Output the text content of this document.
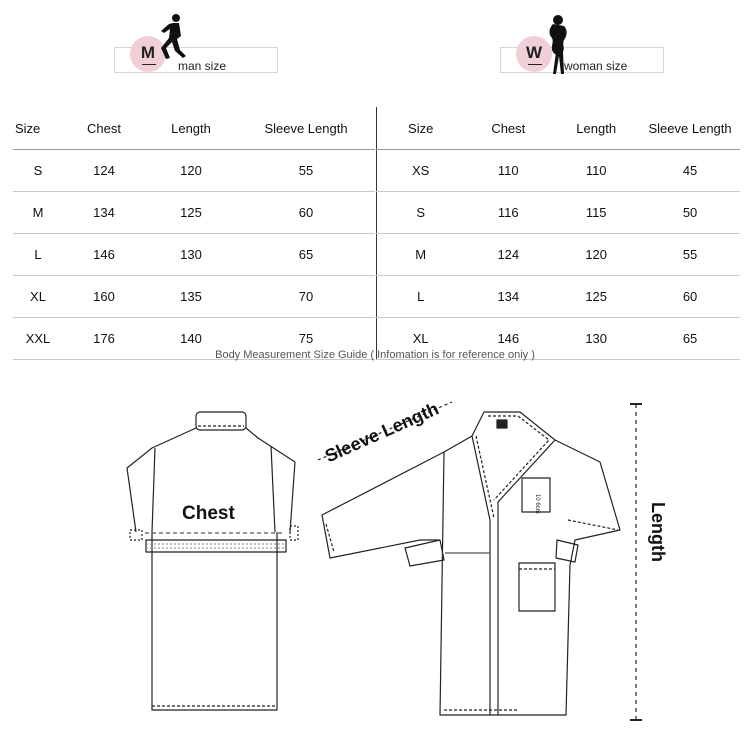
M
man size
W
woman size
Size	Chest	Length	Sleeve Length
S	124	120	55
M	134	125	60
L	146	130	65
XL	160	135	70
XXL	176	140	75
Size	Chest	Length	Sleeve Length
XS	110	110	45
S	116	115	50
M	124	120	55
L	134	125	60
XL	146	130	65
Body Measurement Size Guide ( Infomation is for reference oniy )
10 6cm
Chest
Sleeve Length
Length
